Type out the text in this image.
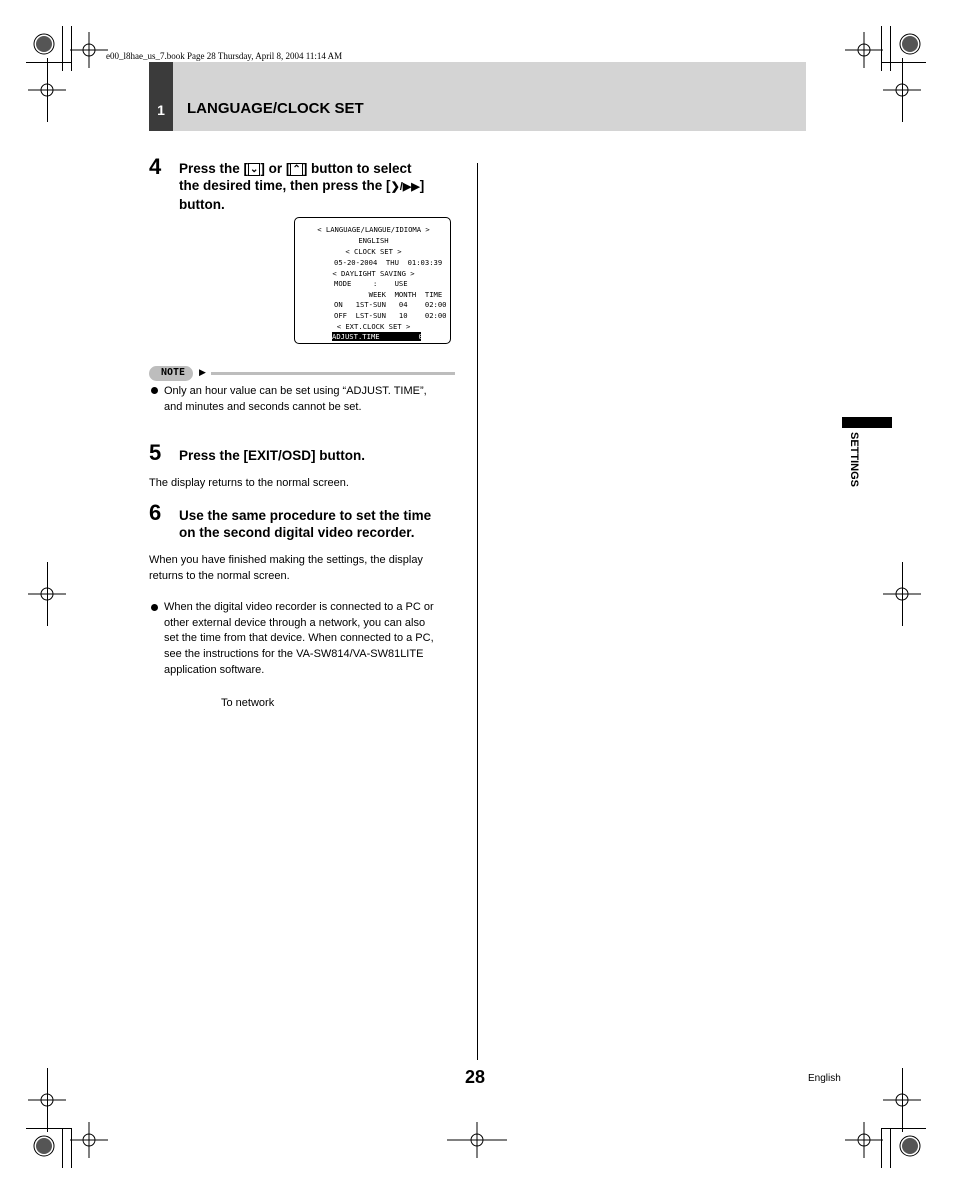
e00_l8hae_us_7.book Page 28 Thursday, April 8, 2004 11:14 AM
1	LANGUAGE/CLOCK SET
4 Press the [ ⌄ ] or [ ⌃ ] button to select
the desired time, then press the [❯/▶▶]
button.
< LANGUAGE/LANGUE/IDIOMA >
ENGLISH
< CLOCK SET >
05-20-2004  THU  01:03:39
< DAYLIGHT SAVING >
MODE     :    USE
WEEK  MONTH  TIME
ON   1ST-SUN   04    02:00
OFF  LST-SUN   10    02:00
< EXT.CLOCK SET >
ADJUST.TIME         05:00
NOTE ▶
Only an hour value can be set using “ADJUST. TIME”,
and minutes and seconds cannot be set.
5 Press the [EXIT/OSD] button.
The display returns to the normal screen.
6 Use the same procedure to set the time
on the second digital video recorder.
When you have finished making the settings, the display
returns to the normal screen.
When the digital video recorder is connected to a PC or
other external device through a network, you can also
set the time from that device. When connected to a PC,
see the instructions for the VA-SW814/VA-SW81LITE
application software.
To network
SETTINGS
28	English
